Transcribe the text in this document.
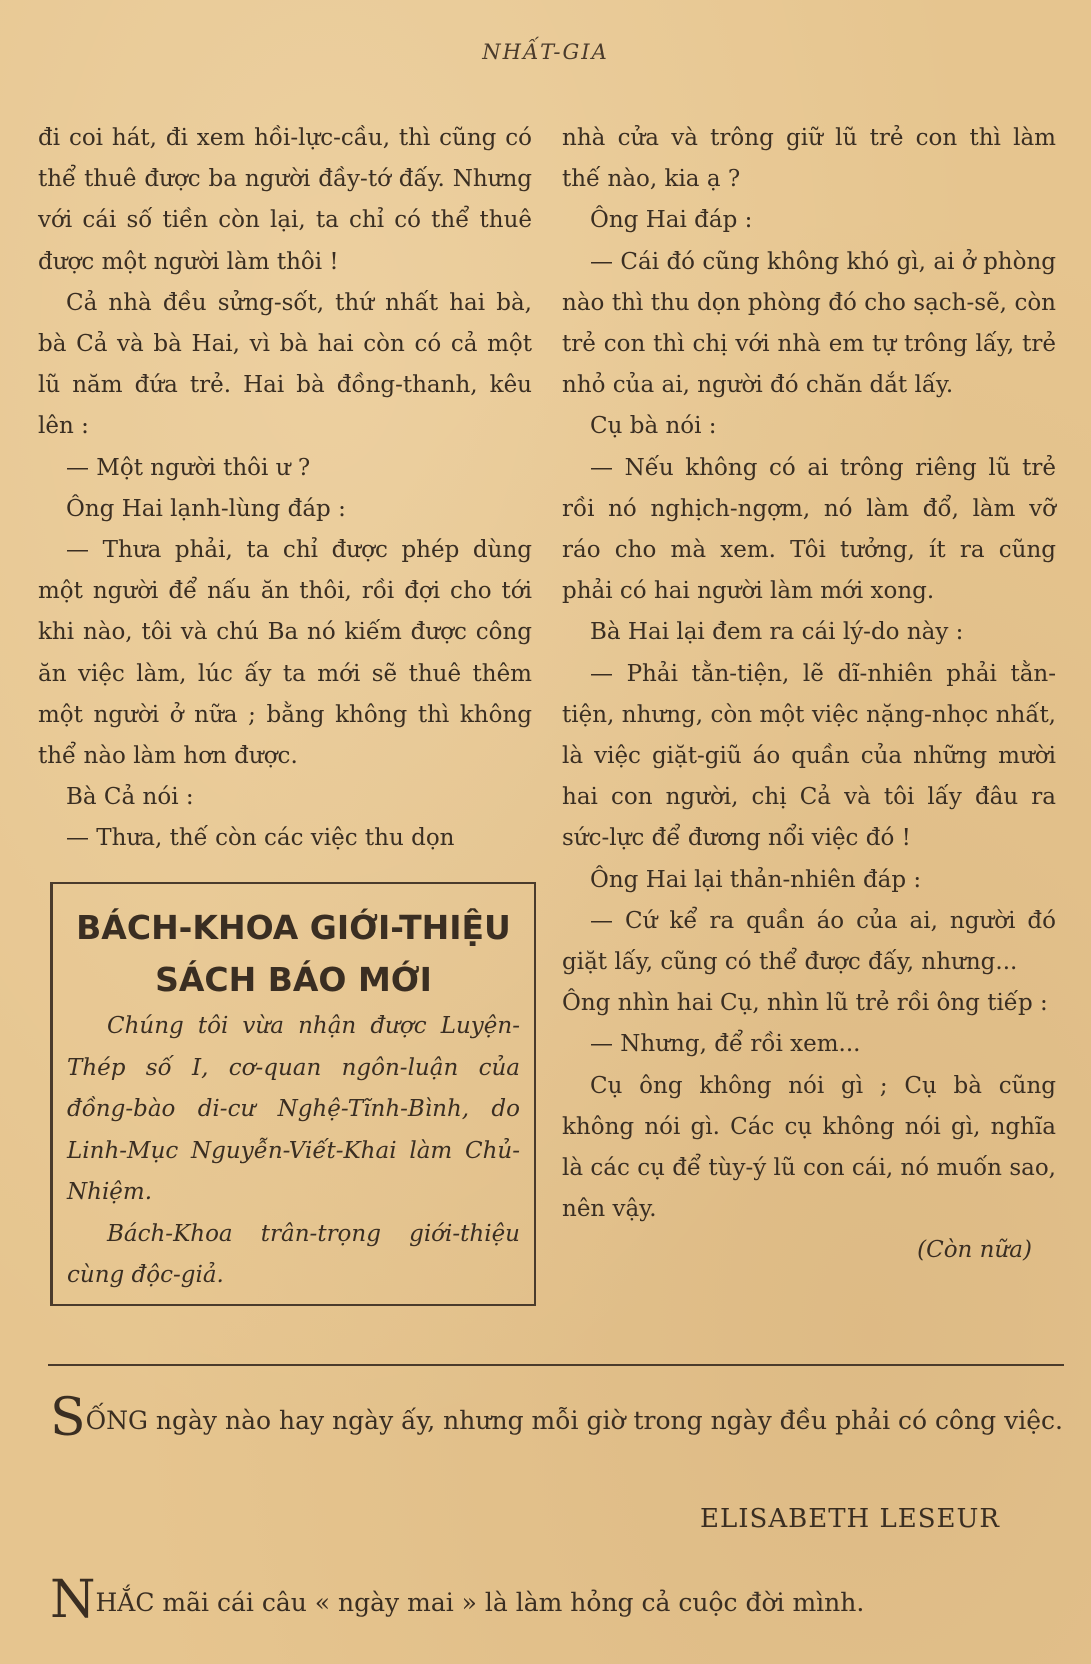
NHẤT-GIA

đi coi hát, đi xem hồi-lực-cầu, thì cũng có thể thuê được ba người đầy-tớ đấy. Nhưng với cái số tiền còn lại, ta chỉ có thể thuê được một người làm thôi !

Cả nhà đều sửng-sốt, thứ nhất hai bà, bà Cả và bà Hai, vì bà hai còn có cả một lũ năm đứa trẻ. Hai bà đồng-thanh, kêu lên :

— Một người thôi ư ?

Ông Hai lạnh-lùng đáp :

— Thưa phải, ta chỉ được phép dùng một người để nấu ăn thôi, rồi đợi cho tới khi nào, tôi và chú Ba nó kiếm được công ăn việc làm, lúc ấy ta mới sẽ thuê thêm một người ở nữa ; bằng không thì không thể nào làm hơn được.

Bà Cả nói :

— Thưa, thế còn các việc thu dọn

BÁCH-KHOA GIỚI-THIỆU

SÁCH BÁO MỚI

Chúng tôi vừa nhận được Luyện-Thép số I, cơ-quan ngôn-luận của đồng-bào di-cư Nghệ-Tĩnh-Bình, do Linh-Mục Nguyễn-Viết-Khai làm Chủ-Nhiệm.

Bách-Khoa trân-trọng giới-thiệu cùng độc-giả.

nhà cửa và trông giữ lũ trẻ con thì làm thế nào, kia ạ ?

Ông Hai đáp :

— Cái đó cũng không khó gì, ai ở phòng nào thì thu dọn phòng đó cho sạch-sẽ, còn trẻ con thì chị với nhà em tự trông lấy, trẻ nhỏ của ai, người đó chăn dắt lấy.

Cụ bà nói :

— Nếu không có ai trông riêng lũ trẻ rồi nó nghịch-ngợm, nó làm đổ, làm vỡ ráo cho mà xem. Tôi tưởng, ít ra cũng phải có hai người làm mới xong.

Bà Hai lại đem ra cái lý-do này :

— Phải tằn-tiện, lẽ dĩ-nhiên phải tằn-tiện, nhưng, còn một việc nặng-nhọc nhất, là việc giặt-giũ áo quần của những mười hai con người, chị Cả và tôi lấy đâu ra sức-lực để đương nổi việc đó !

Ông Hai lại thản-nhiên đáp :

— Cứ kể ra quần áo của ai, người đó giặt lấy, cũng có thể được đấy, nhưng...

Ông nhìn hai Cụ, nhìn lũ trẻ rồi ông tiếp :

— Nhưng, để rồi xem...

Cụ ông không nói gì ; Cụ bà cũng không nói gì. Các cụ không nói gì, nghĩa là các cụ để tùy-ý lũ con cái, nó muốn sao, nên vậy.

(Còn nữa)

SỐNG ngày nào hay ngày ấy, nhưng mỗi giờ trong ngày đều phải có công việc.
ELISABETH LESEUR
NHẮC mãi cái câu « ngày mai » là làm hỏng cả cuộc đời mình.
